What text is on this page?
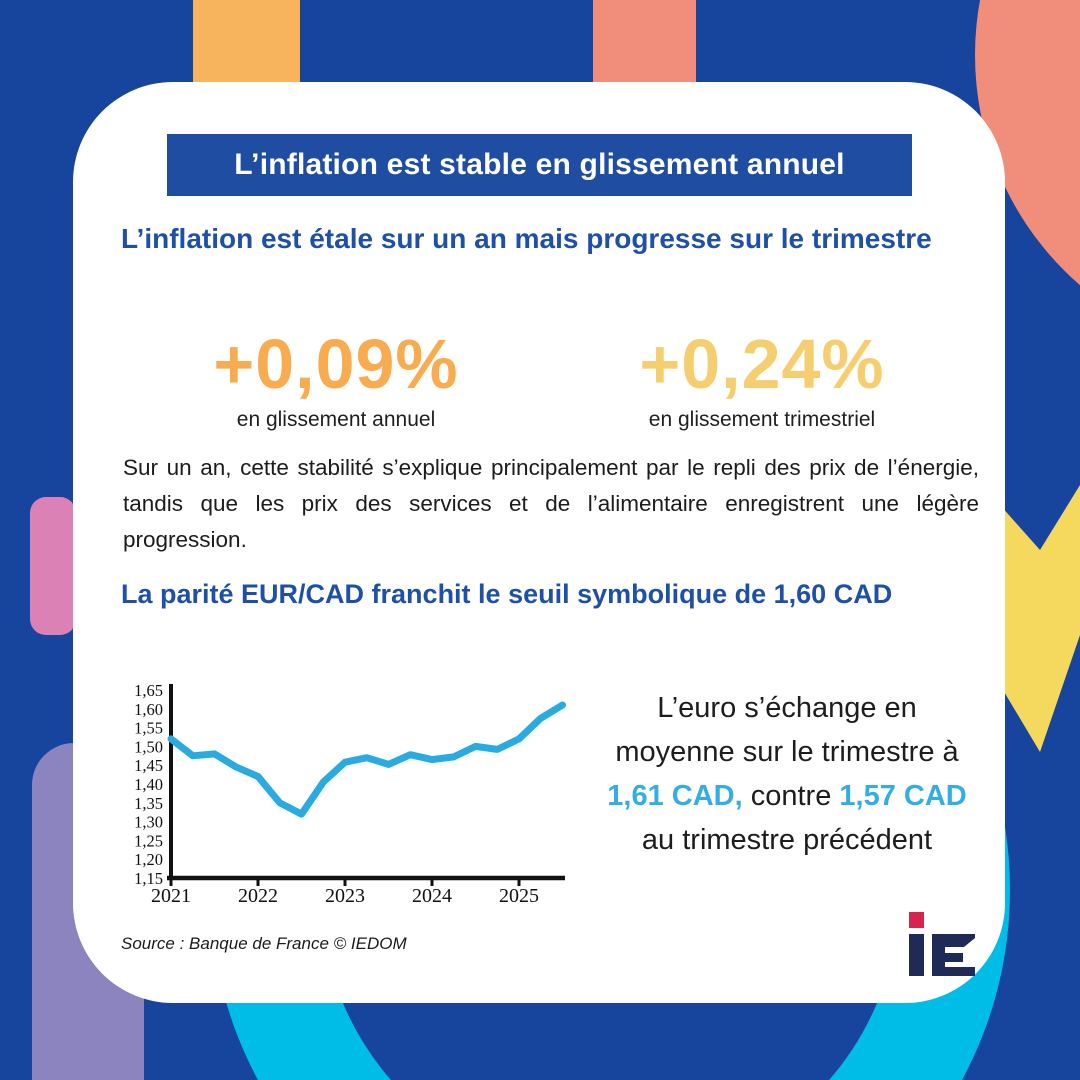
L’inflation est stable en glissement annuel
L’inflation est étale sur un an mais progresse sur le trimestre
+0,09%
en glissement annuel
+0,24%
en glissement trimestriel
Sur un an, cette stabilité s’explique principalement par le repli des prix de l’énergie, tandis que les prix des services et de l’alimentaire enregistrent une légère progression.
La parité EUR/CAD franchit le seuil symbolique de 1,60 CAD
1,65
1,60
1,55
1,50
1,45
1,40
1,35
1,30
1,25
1,20
1,15
2021 2022 2023 2024 2025
L’euro s’échange en moyenne sur le trimestre à 1,61 CAD, contre 1,57 CAD au trimestre précédent
Source : Banque de France © IEDOM
